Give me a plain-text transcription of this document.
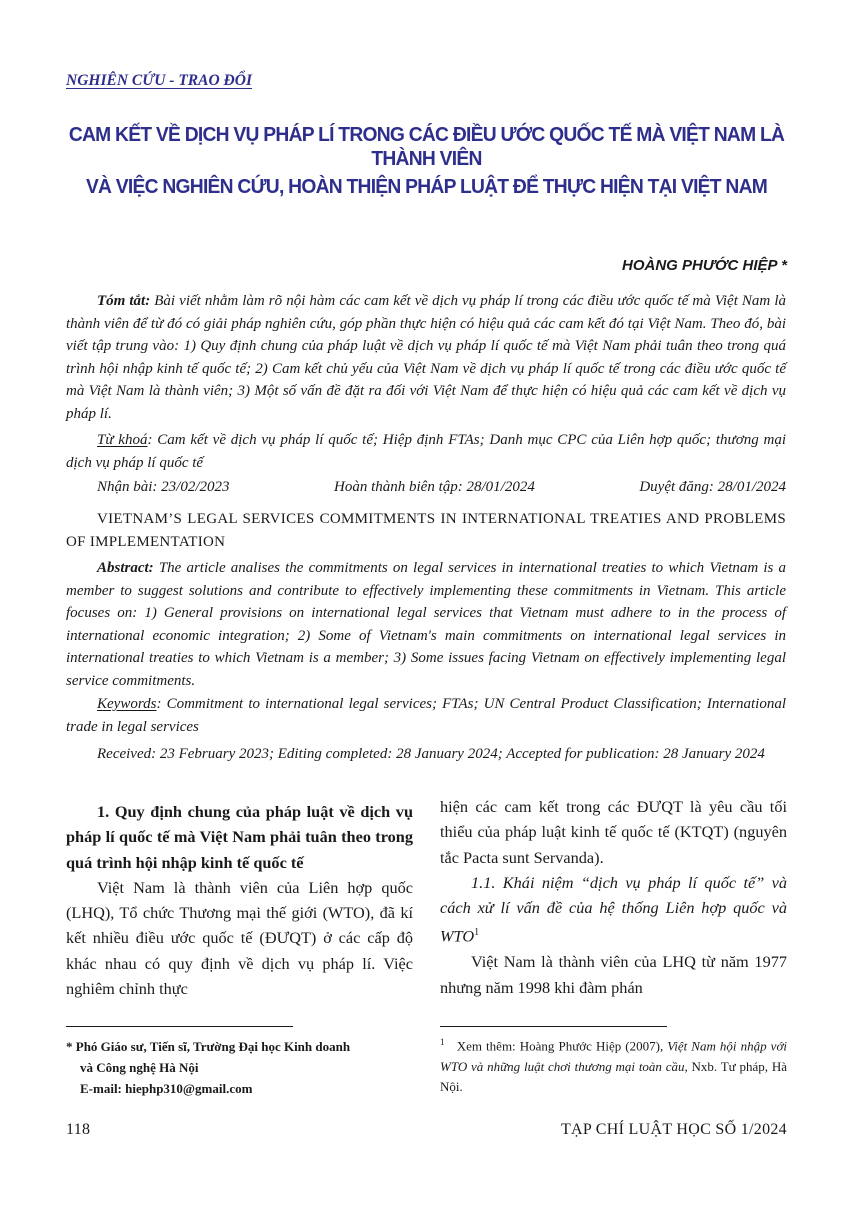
NGHIÊN CỨU - TRAO ĐỔI
CAM KẾT VỀ DỊCH VỤ PHÁP LÍ TRONG CÁC ĐIỀU ƯỚC QUỐC TẾ MÀ VIỆT NAM LÀ THÀNH VIÊN
VÀ VIỆC NGHIÊN CỨU, HOÀN THIỆN PHÁP LUẬT ĐỂ THỰC HIỆN TẠI VIỆT NAM
HOÀNG PHƯỚC HIỆP *
Tóm tắt: Bài viết nhằm làm rõ nội hàm các cam kết về dịch vụ pháp lí trong các điều ước quốc tế mà Việt Nam là thành viên để từ đó có giải pháp nghiên cứu, góp phần thực hiện có hiệu quả các cam kết đó tại Việt Nam. Theo đó, bài viết tập trung vào: 1) Quy định chung của pháp luật về dịch vụ pháp lí quốc tế mà Việt Nam phải tuân theo trong quá trình hội nhập kinh tế quốc tế; 2) Cam kết chủ yếu của Việt Nam về dịch vụ pháp lí quốc tế trong các điều ước quốc tế mà Việt Nam là thành viên; 3) Một số vấn đề đặt ra đối với Việt Nam để thực hiện có hiệu quả các cam kết về dịch vụ pháp lí.
Từ khoá: Cam kết về dịch vụ pháp lí quốc tế; Hiệp định FTAs; Danh mục CPC của Liên hợp quốc; thương mại dịch vụ pháp lí quốc tế
Nhận bài: 23/02/2023	Hoàn thành biên tập: 28/01/2024	Duyệt đăng: 28/01/2024
VIETNAM’S LEGAL SERVICES COMMITMENTS IN INTERNATIONAL TREATIES AND PROBLEMS OF IMPLEMENTATION
Abstract: The article analises the commitments on legal services in international treaties to which Vietnam is a member to suggest solutions and contribute to effectively implementing these commitments in Vietnam. This article focuses on: 1) General provisions on international legal services that Vietnam must adhere to in the process of international economic integration; 2) Some of Vietnam's main commitments on international legal services in international treaties to which Vietnam is a member; 3) Some issues facing Vietnam on effectively implementing legal service commitments.
Keywords: Commitment to international legal services; FTAs; UN Central Product Classification; International trade in legal services
Received: 23 February 2023; Editing completed: 28 January 2024; Accepted for publication: 28 January 2024
1. Quy định chung của pháp luật về dịch vụ pháp lí quốc tế mà Việt Nam phải tuân theo trong quá trình hội nhập kinh tế quốc tế
Việt Nam là thành viên của Liên hợp quốc (LHQ), Tổ chức Thương mại thế giới (WTO), đã kí kết nhiều điều ước quốc tế (ĐƯQT) ở các cấp độ khác nhau có quy định về dịch vụ pháp lí. Việc nghiêm chỉnh thực
hiện các cam kết trong các ĐƯQT là yêu cầu tối thiểu của pháp luật kinh tế quốc tế (KTQT) (nguyên tắc Pacta sunt Servanda).
1.1. Khái niệm “dịch vụ pháp lí quốc tế” và cách xử lí vấn đề của hệ thống Liên hợp quốc và WTO$^1$
Việt Nam là thành viên của LHQ từ năm 1977 nhưng năm 1998 khi đàm phán
* Phó Giáo sư, Tiến sĩ, Trường Đại học Kinh doanh
và Công nghệ Hà Nội
E-mail: hiephp310@gmail.com
$^1$ Xem thêm: Hoàng Phước Hiệp (2007), Việt Nam hội nhập với WTO và những luật chơi thương mại toàn cầu, Nxb. Tư pháp, Hà Nội.
118	TẠP CHÍ LUẬT HỌC SỐ 1/2024
